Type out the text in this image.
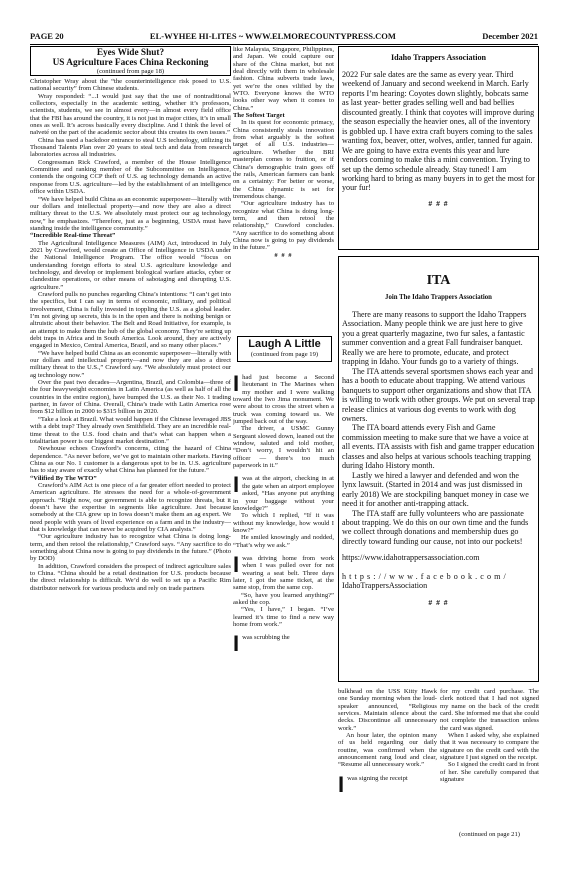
PAGE 20	EL-WYHEE HI-LITES ~ WWW.ELMORECOUNTYPRESS.COM	December 2021
Eyes Wide Shut?
US Agriculture Faces China Reckoning
(continued from page 18)

Christopher Wray about the “the counterintelligence risk posed to U.S. national security” from Chinese students.

Wray responded: “...I would just say that the use of nontraditional collectors, especially in the academic setting, whether it’s professors, scientists, students, we see in almost every—in almost every field office that the FBI has around the country, it is not just in major cities, it’s in small ones as well. It’s across basically every discipline. And I think the level of naïveté on the part of the academic sector about this creates its own issues.”

China has used a backdoor entrance to steal U.S technology, utilizing its Thousand Talents Plan over 20 years to steal tech and data from research laboratories across all industries.

Congressman Rick Crawford, a member of the House Intelligence Committee and ranking member of the Subcommittee on Intelligence, contends the ongoing CCP theft of U.S. ag technology demands an active response from U.S. agriculture—led by the establishment of an intelligence office within USDA.

“We have helped build China as an economic superpower—literally with our dollars and intellectual property—and now they are also a direct military threat to the U.S. We absolutely must protect our ag technology now,” he emphasizes. “Therefore, just as a beginning, USDA must have standing inside the intelligence community.”

“Incredible Real-time Threat”

The Agricultural Intelligence Measures (AIM) Act, introduced in July 2021 by Crawford, would create an Office of Intelligence in USDA under the National Intelligence Program. The office would “focus on understanding foreign efforts to steal U.S. agriculture knowledge and technology, and develop or implement biological warfare attacks, cyber or clandestine operations, or other means of sabotaging and disrupting U.S. agriculture.”

Crawford pulls no punches regarding China’s intentions: “I can’t get into the specifics, but I can say in terms of economic, military, and political involvement, China is fully invested in toppling the U.S. as a global leader. I’m not giving up secrets, this is in the open and there is nothing benign or altruistic about their behavior. The Belt and Road Initiative, for example, is an attempt to make them the hub of the global economy. They’re setting up debt traps in Africa and in South America. Look around, they are actively engaged in Mexico, Central America, Brazil, and so many other places.”

“We have helped build China as an economic superpower—literally with our dollars and intellectual property—and now they are also a direct military threat to the U.S.,” Crawford say. “We absolutely must protect our ag technology now.”

Over the past two decades—Argentina, Brazil, and Colombia—three of the four heavyweight economies in Latin America (as well as half of all the countries in the entire region), have bumped the U.S. as their No. 1 trading partner, in favor of China. Overall, China’s trade with Latin America rose from $12 billion in 2000 to $315 billion in 2020.

“Take a look at Brazil. What would happen if the Chinese leveraged JBS with a debt trap? They already own Smithfield. They are an incredible real-time threat to the U.S. food chain and that’s what can happen when a totalitarian power is our biggest market destination.”

Newhouse echoes Crawford’s concerns, citing the hazard of China dependence. “As never before, we’ve got to maintain other markets. Having China as our No. 1 customer is a dangerous spot to be in. U.S. agriculture has to stay aware of exactly what China has planned for the future.”

“Vilified By The WTO”

Crawford’s AIM Act is one piece of a far greater effort needed to protect American agriculture. He stresses the need for a whole-of-government approach. “Right now, our government is able to recognize threats, but it doesn’t have the expertise in segments like agriculture. Just because somebody at the CIA grew up in Iowa doesn’t make them an ag expert. We need people with years of lived experience on a farm and in the industry—that is knowledge that can never be acquired by CIA analysts.”

“Our agriculture industry has to recognize what China is doing long-term, and then retool the relationship,” Crawford says. “Any sacrifice to do something about China now is going to pay dividends in the future.” (Photo by DOD)

In addition, Crawford considers the prospect of indirect agriculture sales to China. “China should be a retail destination for U.S. products because the direct relationship is difficult. We’d do well to set up a Pacific Rim distributor network for various products and rely on trade partners

like Malaysia, Singapore, Philippines, and Japan. We could capture our share of the China market, but not deal directly with them in wholesale fashion. China subverts trade laws, yet we’re the ones vilified by the WTO. Everyone knows the WTO looks other way when it comes to China.”

The Softest Target

In its quest for economic primacy, China consistently steals innovation from what arguably is the softest target of all U.S. industries—agriculture. Whether the BRI masterplan comes to fruition, or if China’s demographic train goes off the rails, American farmers can bank on a certainty: For better or worse, the China dynamic is set for tremendous change.

“Our agriculture industry has to recognize what China is doing long-term, and then retool the relationship,” Crawford concludes. “Any sacrifice to do something about China now is going to pay dividends in the future.”

# # #

Laugh A Little
(continued from page 19)

Ihad just become a Second lieutenant in The Marines when my mother and I were walking toward the Iwo Jima monument. We were about to cross the street when a truck was coming toward us. We jumped back out of the way.

The driver, a USMC Gunny Sergeant slowed down, leaned out the window, saluted and told mother, “Don’t worry, I wouldn’t hit an officer — there’s too much paperwork in it.”

Iwas at the airport, checking in at the gate when an airport employee asked, “Has anyone put anything in your baggage without your knowledge?”

To which I replied, “If it was without my knowledge, how would I know?”

He smiled knowingly and nodded, “That’s why we ask.”

Iwas driving home from work when I was pulled over for not wearing a seat belt. Three days later, I got the same ticket, at the same stop, from the same cop.

“So, have you learned anything?” asked the cop.

“Yes, I have,” I began. “I’ve learned it’s time to find a new way home from work.”

Iwas scrubbing the

Idaho Trappers Association

2022 Fur sale dates are the same as every year. Third weekend of January and second weekend in March. Early reports I’m hearing: Coyotes down slightly, bobcats same as last year- better grades selling well and bad bellies discounted greatly. I think that coyotes will improve during the season especially the heavier ones, all of the inventory is gobbled up. I have extra craft buyers coming to the sales wanting fox, beaver, otter, wolves, antler, tanned fur again. We are going to have extra events this year and lure vendors coming to make this a mini convention. Trying to set up the demo schedule already. Stay tuned! I am working hard to bring as many buyers in to get the most for your fur!

# # #
ITA
Join The Idaho Trappers Association

There are many reasons to support the Idaho Trappers Association. Many people think we are just here to give you a great quarterly magazine, two fur sales, a fantastic summer convention and a great Fall fundraiser banquet.

Really we are here to promote, educate, and protect trapping in Idaho. Your funds go to a variety of things.

The ITA attends several sportsmen shows each year and has a booth to educate about trapping. We attend various banquets to support other organizations and show that ITA is willing to work with other groups. We put on several trap release clinics at various dog events to work with dog owners.

The ITA board attends every Fish and Game commission meeting to make sure that we have a voice at all events. ITA assists with fish and game trapper education classes and also helps at various schools teaching trapping during Idaho History month.

Lastly we hired a lawyer and defended and won the lynx lawsuit. (Started in 2014 and was just dismissed in early 2018) We are stockpiling banquet money in case we need it for another anti-trapping attack.

The ITA staff are fully volunteers who are passionate about trapping. We do this on our own time and the funds we collect through donations and membership dues go directly toward funding our cause, not into our pockets!

https://www.idahotrappersassociation.com
https://www.facebook.com/
IdahoTrappersAssociation
# # #

bulkhead on the USS Kitty Hawk one Sunday morning when the loud-speaker announced, “Religious services. Maintain silence about the decks. Discontinue all unnecessary work.”

An hour later, the opinion many of us held regarding our daily routine, was confirmed when the announcement rang loud and clear, “Resume all unnecessary work.”

Iwas signing the receipt

for my credit card purchase. The clerk noticed that I had not signed my name on the back of the credit card. She informed me that she could not complete the transaction unless the card was signed.

When I asked why, she explained that it was necessary to compare the signature on the credit card with the signature I just signed on the receipt.

So I signed the credit card in front of her. She carefully compared that signature

(continued on page 21)
